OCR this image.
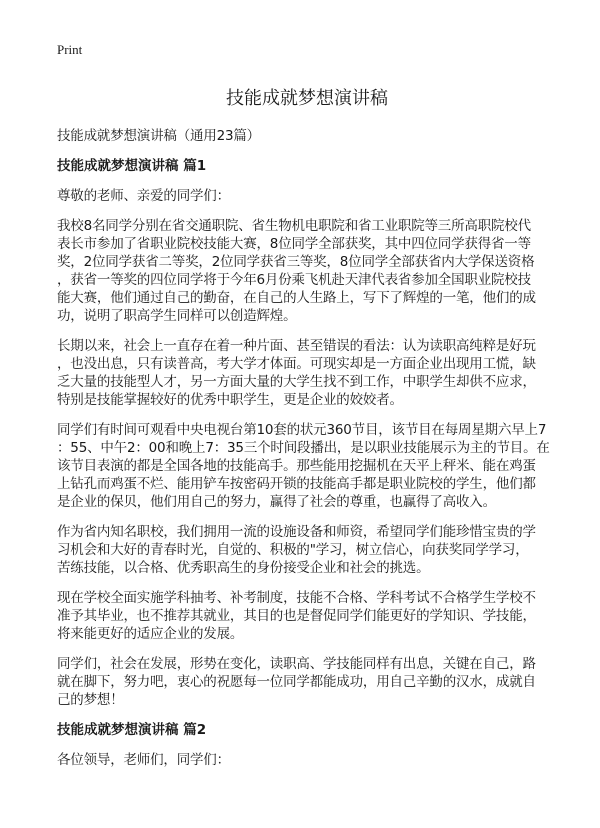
Print
技能成就梦想演讲稿
技能成就梦想演讲稿（通用23篇）
技能成就梦想演讲稿 篇1
尊敬的老师、亲爱的同学们：
我校8名同学分别在省交通职院、省生物机电职院和省工业职院等三所高职院校代
表长市参加了省职业院校技能大赛，8位同学全部获奖，其中四位同学获得省一等
奖，2位同学获省二等奖，2位同学获省三等奖，8位同学全部获省内大学保送资格
，获省一等奖的四位同学将于今年6月份乘飞机赴天津代表省参加全国职业院校技
能大赛，他们通过自己的勤奋，在自己的人生路上，写下了辉煌的一笔，他们的成
功，说明了职高学生同样可以创造辉煌。
长期以来，社会上一直存在着一种片面、甚至错误的看法：认为读职高纯粹是好玩
，也没出息，只有读普高，考大学才体面。可现实却是一方面企业出现用工慌，缺
乏大量的技能型人才，另一方面大量的大学生找不到工作，中职学生却供不应求，
特别是技能掌握较好的优秀中职学生，更是企业的姣姣者。
同学们有时间可观看中央电视台第10套的状元360节目，该节目在每周星期六早上7
：55、中午2：00和晚上7：35三个时间段播出，是以职业技能展示为主的节目。在
该节目表演的都是全国各地的技能高手。那些能用挖掘机在天平上秤米、能在鸡蛋
上钻孔而鸡蛋不烂、能用铲车按密码开锁的技能高手都是职业院校的学生，他们都
是企业的保贝，他们用自己的努力，赢得了社会的尊重，也赢得了高收入。
作为省内知名职校，我们拥用一流的设施设备和师资，希望同学们能珍惜宝贵的学
习机会和大好的青春时光，自觉的、积极的"学习，树立信心，向获奖同学学习，
苦练技能，以合格、优秀职高生的身份接受企业和社会的挑选。
现在学校全面实施学科抽考、补考制度，技能不合格、学科考试不合格学生学校不
准予其毕业，也不推荐其就业，其目的也是督促同学们能更好的学知识、学技能，
将来能更好的适应企业的发展。
同学们，社会在发展，形势在变化，读职高、学技能同样有出息，关键在自己，路
就在脚下，努力吧，衷心的祝愿每一位同学都能成功，用自己辛勤的汉水，成就自
己的梦想！
技能成就梦想演讲稿 篇2
各位领导，老师们，同学们：
